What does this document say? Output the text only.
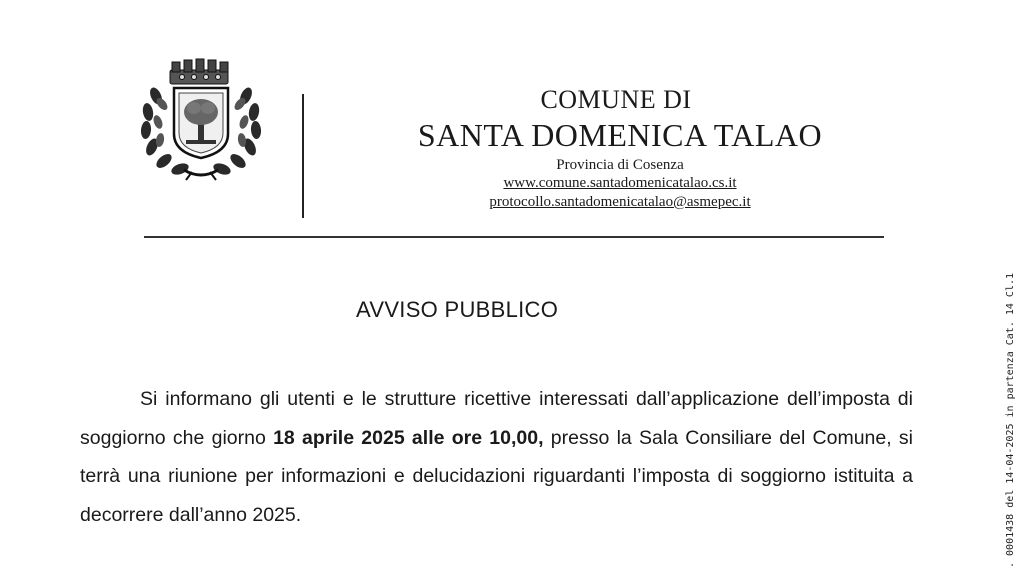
COMUNE DI
SANTA DOMENICA TALAO
Provincia di Cosenza
www.comune.santadomenicatalao.cs.it
protocollo.santadomenicatalao@asmepec.it
AVVISO PUBBLICO
Si informano gli utenti e le strutture ricettive interessati dall’applicazione dell’imposta di soggiorno che giorno 18 aprile 2025 alle ore 10,00, presso la Sala Consiliare del Comune, si terrà una riunione per informazioni e delucidazioni riguardanti l’imposta di soggiorno istituita a decorrere dall’anno 2025.	. 0001438 del 14-04-2025 in partenza Cat. 14 Cl.1
